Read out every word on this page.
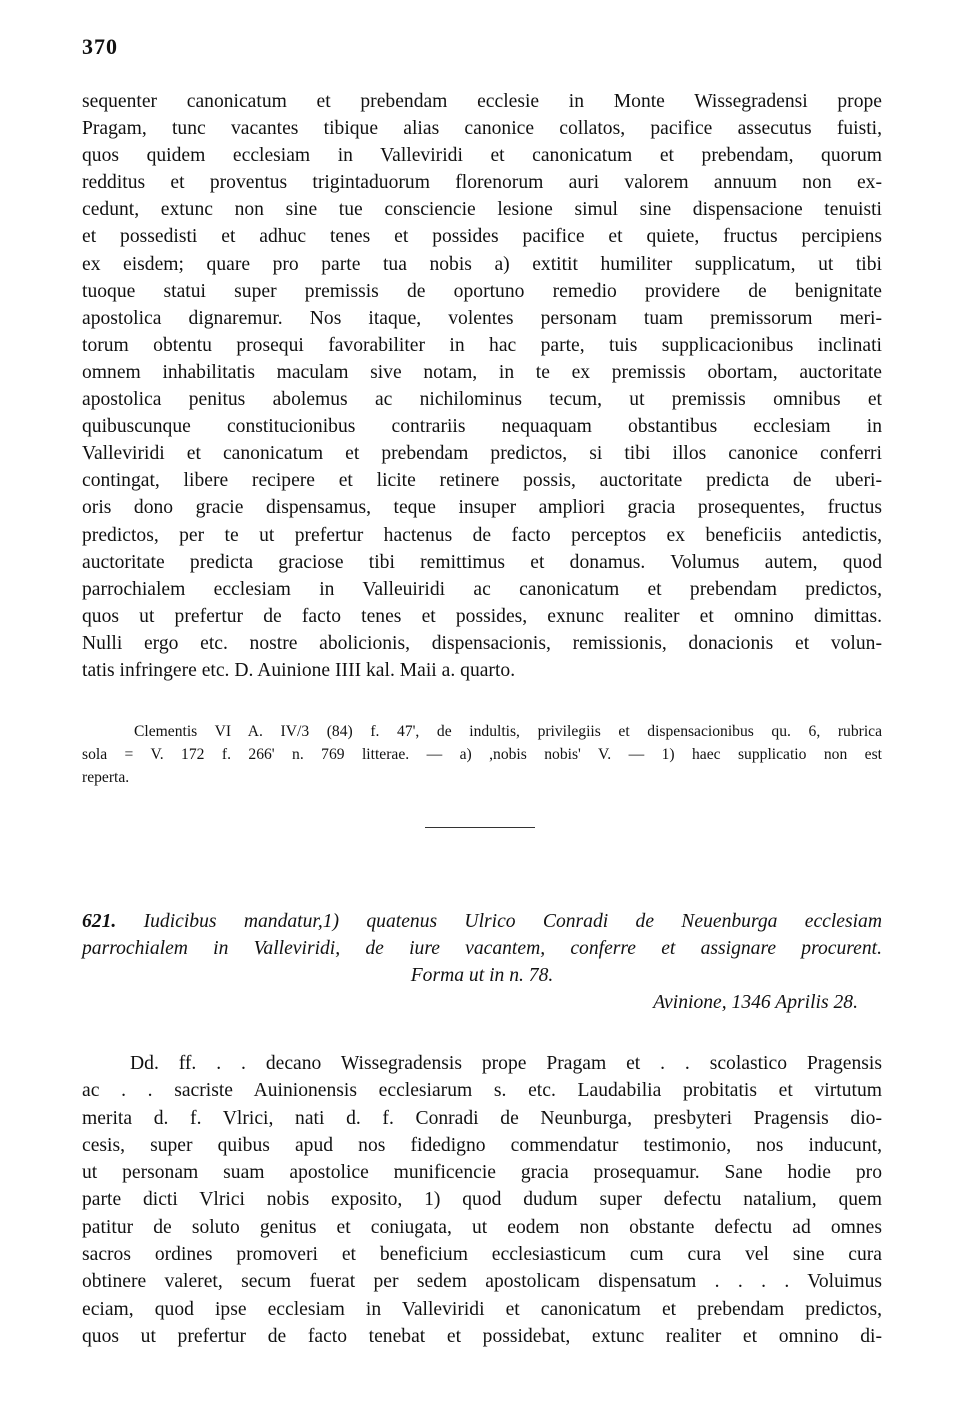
370
sequenter canonicatum et prebendam ecclesie in Monte Wissegradensi prope
Pragam, tunc vacantes tibique alias canonice collatos, pacifice assecutus fuisti,
quos quidem ecclesiam in Valleviridi et canonicatum et prebendam, quorum
redditus et proventus trigintaduorum florenorum auri valorem annuum non ex-
cedunt, extunc non sine tue consciencie lesione simul sine dispensacione tenuisti
et possedisti et adhuc tenes et possides pacifice et quiete, fructus percipiens
ex eisdem; quare pro parte tua nobis a) extitit humiliter supplicatum, ut tibi
tuoque statui super premissis de oportuno remedio providere de benignitate
apostolica dignaremur. Nos itaque, volentes personam tuam premissorum meri-
torum obtentu prosequi favorabiliter in hac parte, tuis supplicacionibus inclinati
omnem inhabilitatis maculam sive notam, in te ex premissis obortam, auctoritate
apostolica penitus abolemus ac nichilominus tecum, ut premissis omnibus et
quibuscunque constitucionibus contrariis nequaquam obstantibus ecclesiam in
Valleviridi et canonicatum et prebendam predictos, si tibi illos canonice conferri
contingat, libere recipere et licite retinere possis, auctoritate predicta de uberi-
oris dono gracie dispensamus, teque insuper ampliori gracia prosequentes, fructus
predictos, per te ut prefertur hactenus de facto perceptos ex beneficiis antedictis,
auctoritate predicta graciose tibi remittimus et donamus. Volumus autem, quod
parrochialem ecclesiam in Valleuiridi ac canonicatum et prebendam predictos,
quos ut prefertur de facto tenes et possides, exnunc realiter et omnino dimittas.
Nulli ergo etc. nostre abolicionis, dispensacionis, remissionis, donacionis et volun-
tatis infringere etc. D. Auinione IIII kal. Maii a. quarto.
Clementis VI A. IV/3 (84) f. 47', de indultis, privilegiis et dispensacionibus qu. 6, rubrica
sola = V. 172 f. 266' n. 769 litterae. — a) ,nobis nobis' V. — 1) haec supplicatio non est
reperta.
621. Iudicibus mandatur,1) quatenus Ulrico Conradi de Neuenburga ecclesiam
parrochialem in Valleviridi, de iure vacantem, conferre et assignare procurent.
Forma ut in n. 78.
Avinione, 1346 Aprilis 28.
Dd. ff. . . decano Wissegradensis prope Pragam et . . scolastico Pragensis
ac . . sacriste Auinionensis ecclesiarum s. etc. Laudabilia probitatis et virtutum
merita d. f. Vlrici, nati d. f. Conradi de Neunburga, presbyteri Pragensis dio-
cesis, super quibus apud nos fidedigno commendatur testimonio, nos inducunt,
ut personam suam apostolice munificencie gracia prosequamur. Sane hodie pro
parte dicti Vlrici nobis exposito, 1) quod dudum super defectu natalium, quem
patitur de soluto genitus et coniugata, ut eodem non obstante defectu ad omnes
sacros ordines promoveri et beneficium ecclesiasticum cum cura vel sine cura
obtinere valeret, secum fuerat per sedem apostolicam dispensatum . . . . Voluimus
eciam, quod ipse ecclesiam in Valleviridi et canonicatum et prebendam predictos,
quos ut prefertur de facto tenebat et possidebat, extunc realiter et omnino di-
